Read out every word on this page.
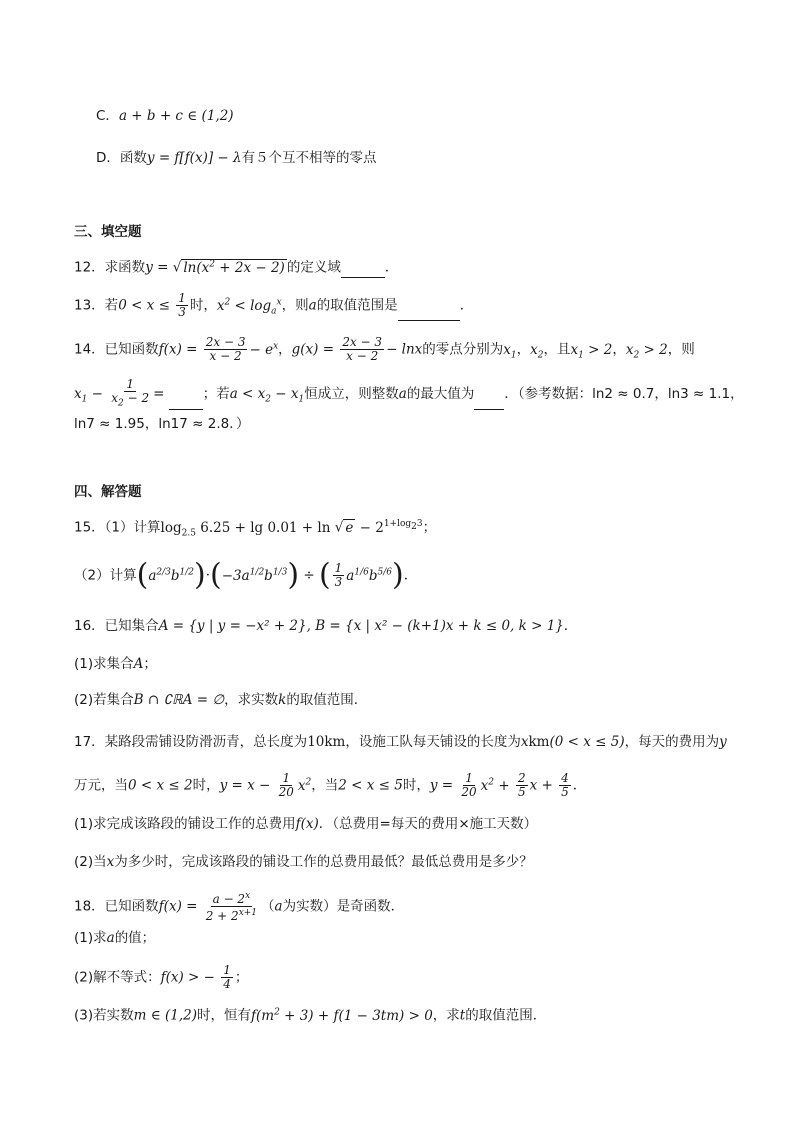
C．a + b + c ∈ (1,2)
D．函数y = f[f(x)] − λ有５个互不相等的零点
三、填空题
12．求函数y = √ $\ln(x^2 + 2x - 2)$ 的定义域	．
13．若$0 < x \le \frac{1}{3}$ 时，$x^2 < \log_a^x$，则a的取值范围是	．
14．已知函数$f(x) = \frac{2x - 3}{x - 2} - e^x$，$g(x) = \frac{2x - 3}{x - 2} - \ln x$的零点分别为$x_1$，$x_2$，且$x_1 > 2$，$x_2 > 2$，则
$x_1 - \frac{1}{x_2 - 2}$ =	；若$a < x_2 - x_1$恒成立，则整数a的最大值为 ．（参考数据：ln2 ≈ 0.7，ln3 ≈ 1.1，
ln7 ≈ 1.95，ln17 ≈ 2.8．）
四、解答题
15．（1）计算$\log_{2.5} 6.25 + \lg 0.01 + \ln$ √ $e - 2^{1+log_23}$；
（2）计算$(a^{2/3}b^{1/2})\cdot(-3a^{1/2}b^{1/3})$ ÷ ( $\frac{1}{3} a^{1/6}b^{5/6}$).
16．已知集合A = {y | y = −x² + 2}, B = {x | x² − (k+1)x + k ≤ 0, k > 1}．
(1)求集合A；
(2)若集合B ∩ ∁ℝA = ∅，求实数k的取值范围．
17．某路段需铺设防滑沥青，总长度为10km，设施工队每天铺设的长度为xkm(0 < x ≤ 5)，每天的费用为y
万元，当0 < x ≤ 2时，$y = x - \frac{1}{20} x^2$，当2 < x ≤ 5时，$y = \frac{1}{20} x^2 + \frac{2}{5}$ $x + \frac{4}{5}$ .
(1)求完成该路段的铺设工作的总费用f(x)．（总费用=每天的费用×施工天数）
(2)当x为多少时，完成该路段的铺设工作的总费用最低？最低总费用是多少？
18．已知函数$f(x) = \frac{a - 2^x}{2 + 2^{x+1}} (a$为实数）是奇函数．
(1)求a的值；
(2)解不等式：f(x) > − $\frac{1}{4}$ ；
(3)若实数m ∈ (1,2)时，恒有$f(m^2 + 3) + f(1 - 3tm) > 0$，求t的取值范围．
